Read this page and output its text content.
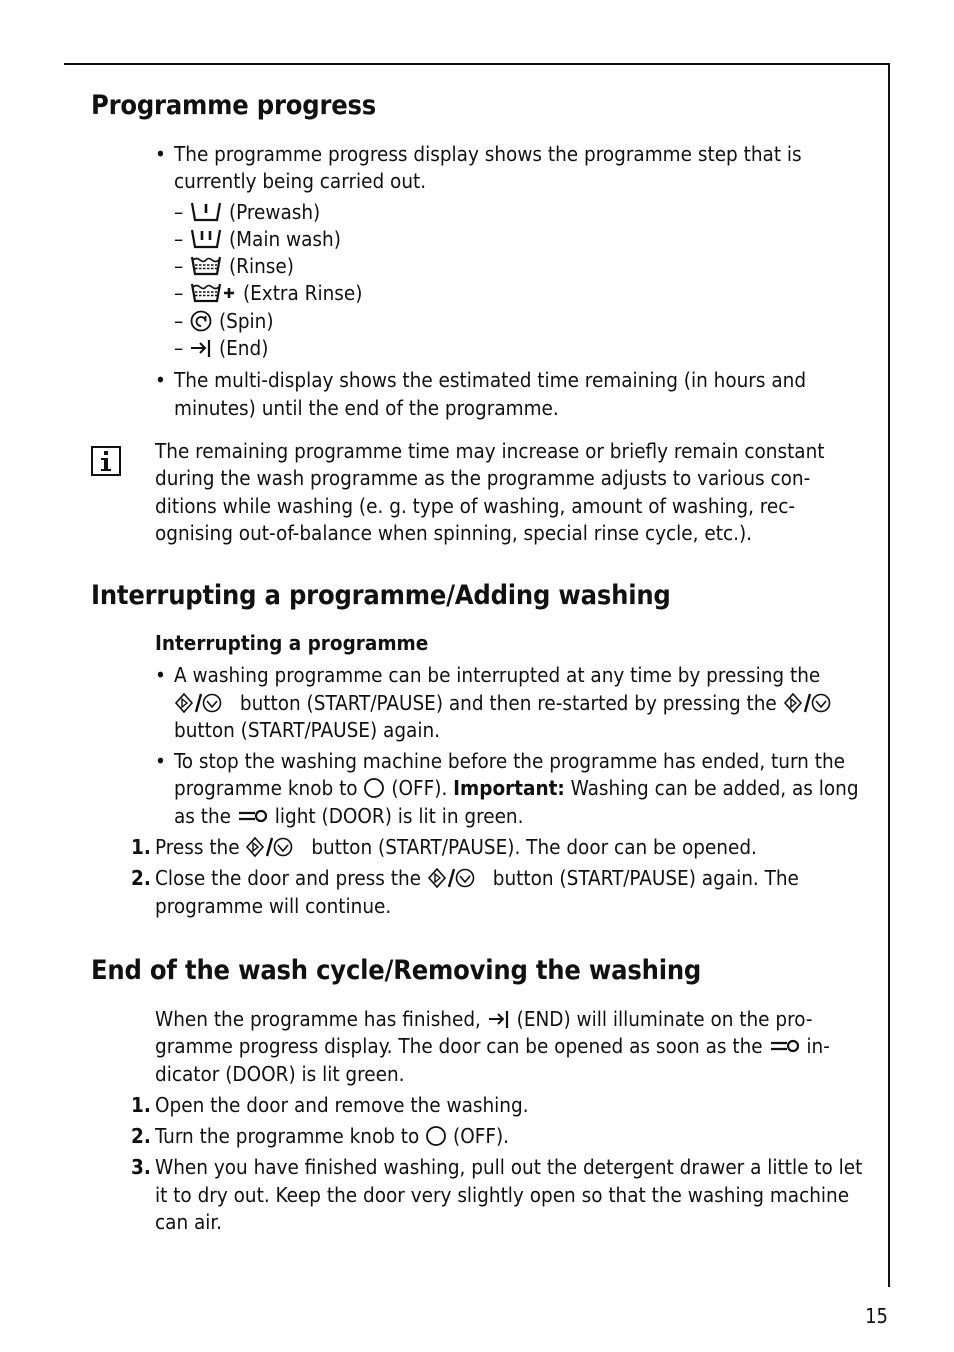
Programme progress
• The programme progress display shows the programme step that is currently being carried out.
–  (Prewash)
–  (Main wash)
–  (Rinse)
–	(Extra Rinse)
–  (Spin)
–  (End)
• The multi-display shows the estimated time remaining (in hours and minutes) until the end of the programme.
The remaining programme time may increase or briefly remain constant during the wash programme as the programme adjusts to various con-ditions while washing (e. g. type of washing, amount of washing, rec-ognising out-of-balance when spinning, special rinse cycle, etc.).
Interrupting a programme/Adding washing
Interrupting a programme
• A washing programme can be interrupted at any time by pressing the  button (START/PAUSE) and then re-started by pressing the  button (START/PAUSE) again.
• To stop the washing machine before the programme has ended, turn the programme knob to (OFF). Important: Washing can be added, as long as the light (DOOR) is lit in green.
1. Press the	button (START/PAUSE). The door can be opened.
2. Close the door and press the	button (START/PAUSE) again. The programme will continue.
End of the wash cycle/Removing the washing
When the programme has finished, (END) will illuminate on the pro-gramme progress display. The door can be opened as soon as the in-dicator (DOOR) is lit green.
1. Open the door and remove the washing.
2. Turn the programme knob to (OFF).
3. When you have finished washing, pull out the detergent drawer a little to let it to dry out. Keep the door very slightly open so that the washing machine can air.
15
